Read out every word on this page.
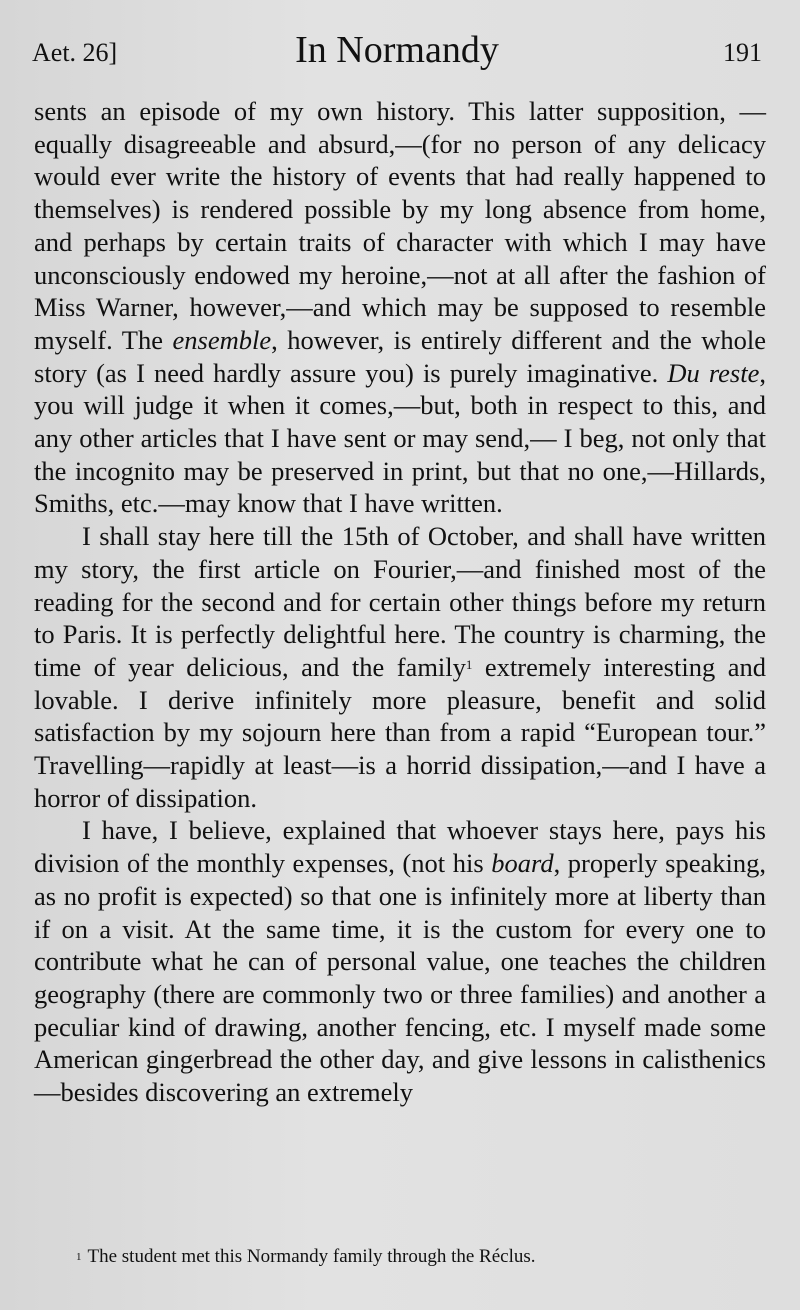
Aet. 26]	In Normandy	191

sents an episode of my own history. This latter supposition, —equally disagreeable and absurd,—(for no person of any delicacy would ever write the history of events that had really happened to themselves) is rendered possible by my long absence from home, and perhaps by certain traits of character with which I may have unconsciously endowed my heroine,—not at all after the fashion of Miss Warner, however,—and which may be supposed to resemble myself. The ensemble, however, is entirely different and the whole story (as I need hardly assure you) is purely imaginative. Du reste, you will judge it when it comes,—but, both in respect to this, and any other articles that I have sent or may send,— I beg, not only that the incognito may be preserved in print, but that no one,—Hillards, Smiths, etc.—may know that I have written.

I shall stay here till the 15th of October, and shall have written my story, the first article on Fourier,—and finished most of the reading for the second and for certain other things before my return to Paris. It is perfectly delightful here. The country is charming, the time of year delicious, and the family$^1$ extremely interesting and lovable. I derive infinitely more pleasure, benefit and solid satisfaction by my sojourn here than from a rapid “European tour.” Travelling—rapidly at least—is a horrid dissipation,—and I have a horror of dissipation.

I have, I believe, explained that whoever stays here, pays his division of the monthly expenses, (not his board, properly speaking, as no profit is expected) so that one is infinitely more at liberty than if on a visit. At the same time, it is the custom for every one to contribute what he can of personal value, one teaches the children geography (there are commonly two or three families) and another a peculiar kind of drawing, another fencing, etc. I myself made some American gingerbread the other day, and give lessons in calisthenics—besides discovering an extremely

$^1$ The student met this Normandy family through the Réclus.
